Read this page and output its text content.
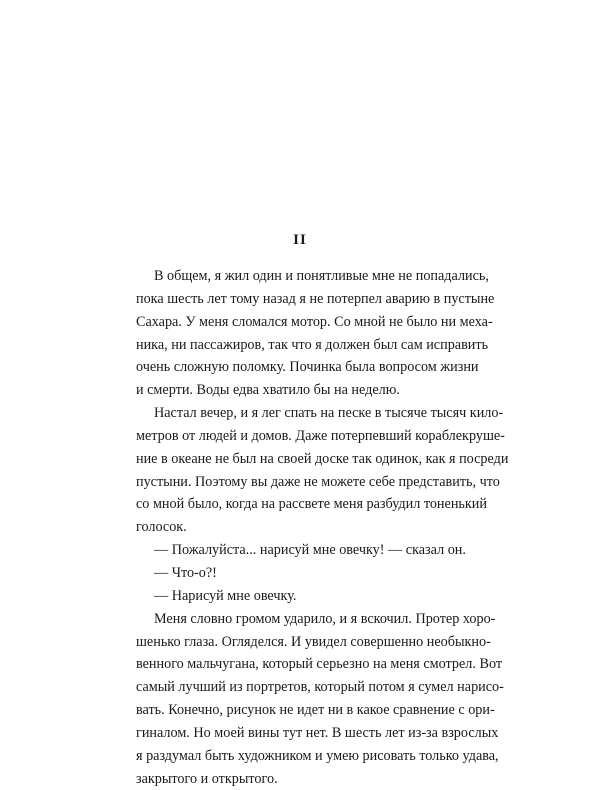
II
В общем, я жил один и понятливые мне не попадались,
пока шесть лет тому назад я не потерпел аварию в пустыне
Сахара. У меня сломался мотор. Со мной не было ни меха-
ника, ни пассажиров, так что я должен был сам исправить
очень сложную поломку. Починка была вопросом жизни
и смерти. Воды едва хватило бы на неделю.
Настал вечер, и я лег спать на песке в тысяче тысяч кило-
метров от людей и домов. Даже потерпевший кораблекруше-
ние в океане не был на своей доске так одинок, как я посреди
пустыни. Поэтому вы даже не можете себе представить, что
со мной было, когда на рассвете меня разбудил тоненький
голосок.
— Пожалуйста... нарисуй мне овечку! — сказал он.
— Что-о?!
— Нарисуй мне овечку.
Меня словно громом ударило, и я вскочил. Протер хоро-
шенько глаза. Огляделся. И увидел совершенно необыкно-
венного мальчугана, который серьезно на меня смотрел. Вот
самый лучший из портретов, который потом я сумел нарисо-
вать. Конечно, рисунок не идет ни в какое сравнение с ори-
гиналом. Но моей вины тут нет. В шесть лет из-за взрослых
я раздумал быть художником и умею рисовать только удава,
закрытого и открытого.
